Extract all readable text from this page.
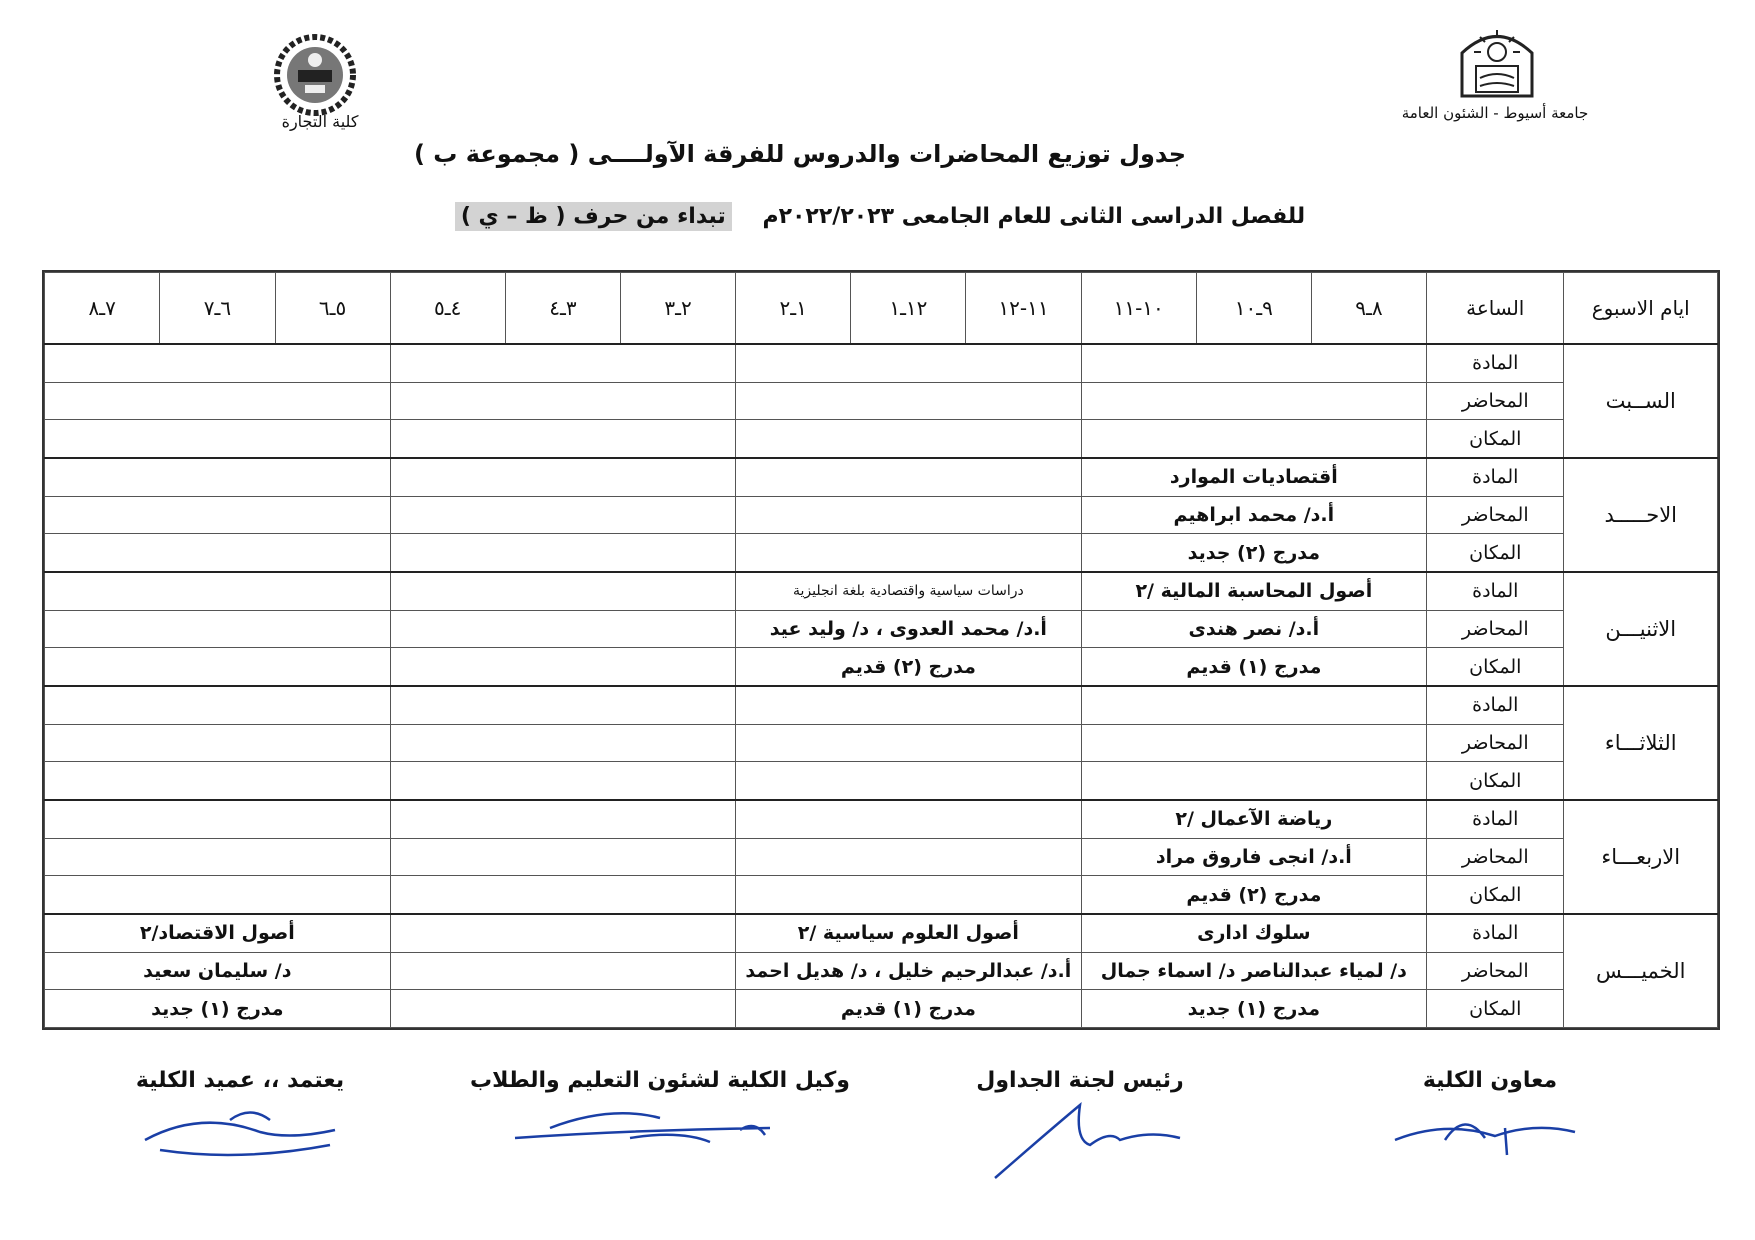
كلية التجارة	جامعة أسيوط - الشئون العامة
جدول توزيع المحاضرات والدروس للفرقة الآولــــى ( مجموعة ب )
للفصل الدراسى الثانى للعام الجامعى ٢٠٢٢/٢٠٢٣م    تبداء من حرف ( ظ – ي )
ايام الاسبوع	الساعة	٨ـ٩	٩ـ١٠	١٠-١١	١١-١٢	١٢ـ١	١ـ٢	٢ـ٣	٣ـ٤	٤ـ٥	٥ـ٦	٦ـ٧	٧ـ٨
الســبت	المادة												
	المحاضر												
	المكان												
الاحـــــد	المادة	أقتصاديات الموارد											
	المحاضر	أ.د/ محمد ابراهيم											
	المكان	مدرج (٢) جديد											
الاثنيـــن	المادة	أصول المحاسبة المالية /٢			دراسات سياسية واقتصادية بلغة انجليزية								
	المحاضر	أ.د/ نصر هندى			أ.د/ محمد العدوى ، د/ وليد عيد								
	المكان	مدرج (١) قديم			مدرج (٢) قديم								
الثلاثـــاء	المادة												
	المحاضر												
	المكان												
الاربعـــاء	المادة	رياضة الآعمال /٢											
	المحاضر	أ.د/ انجى فاروق مراد											
	المكان	مدرج (٢) قديم											
الخميـــس	المادة	سلوك ادارى			أصول العلوم سياسية /٢						أصول الاقتصاد/٢		
	المحاضر	د/ لمياء عبدالناصر د/ اسماء جمال			أ.د/ عبدالرحيم خليل ، د/ هديل احمد						د/ سليمان سعيد		
	المكان	مدرج (١) جديد			مدرج (١) قديم						مدرج (١) جديد		
معاون الكلية
رئيس لجنة الجداول
وكيل الكلية لشئون التعليم والطلاب
يعتمد ،، عميد الكلية
